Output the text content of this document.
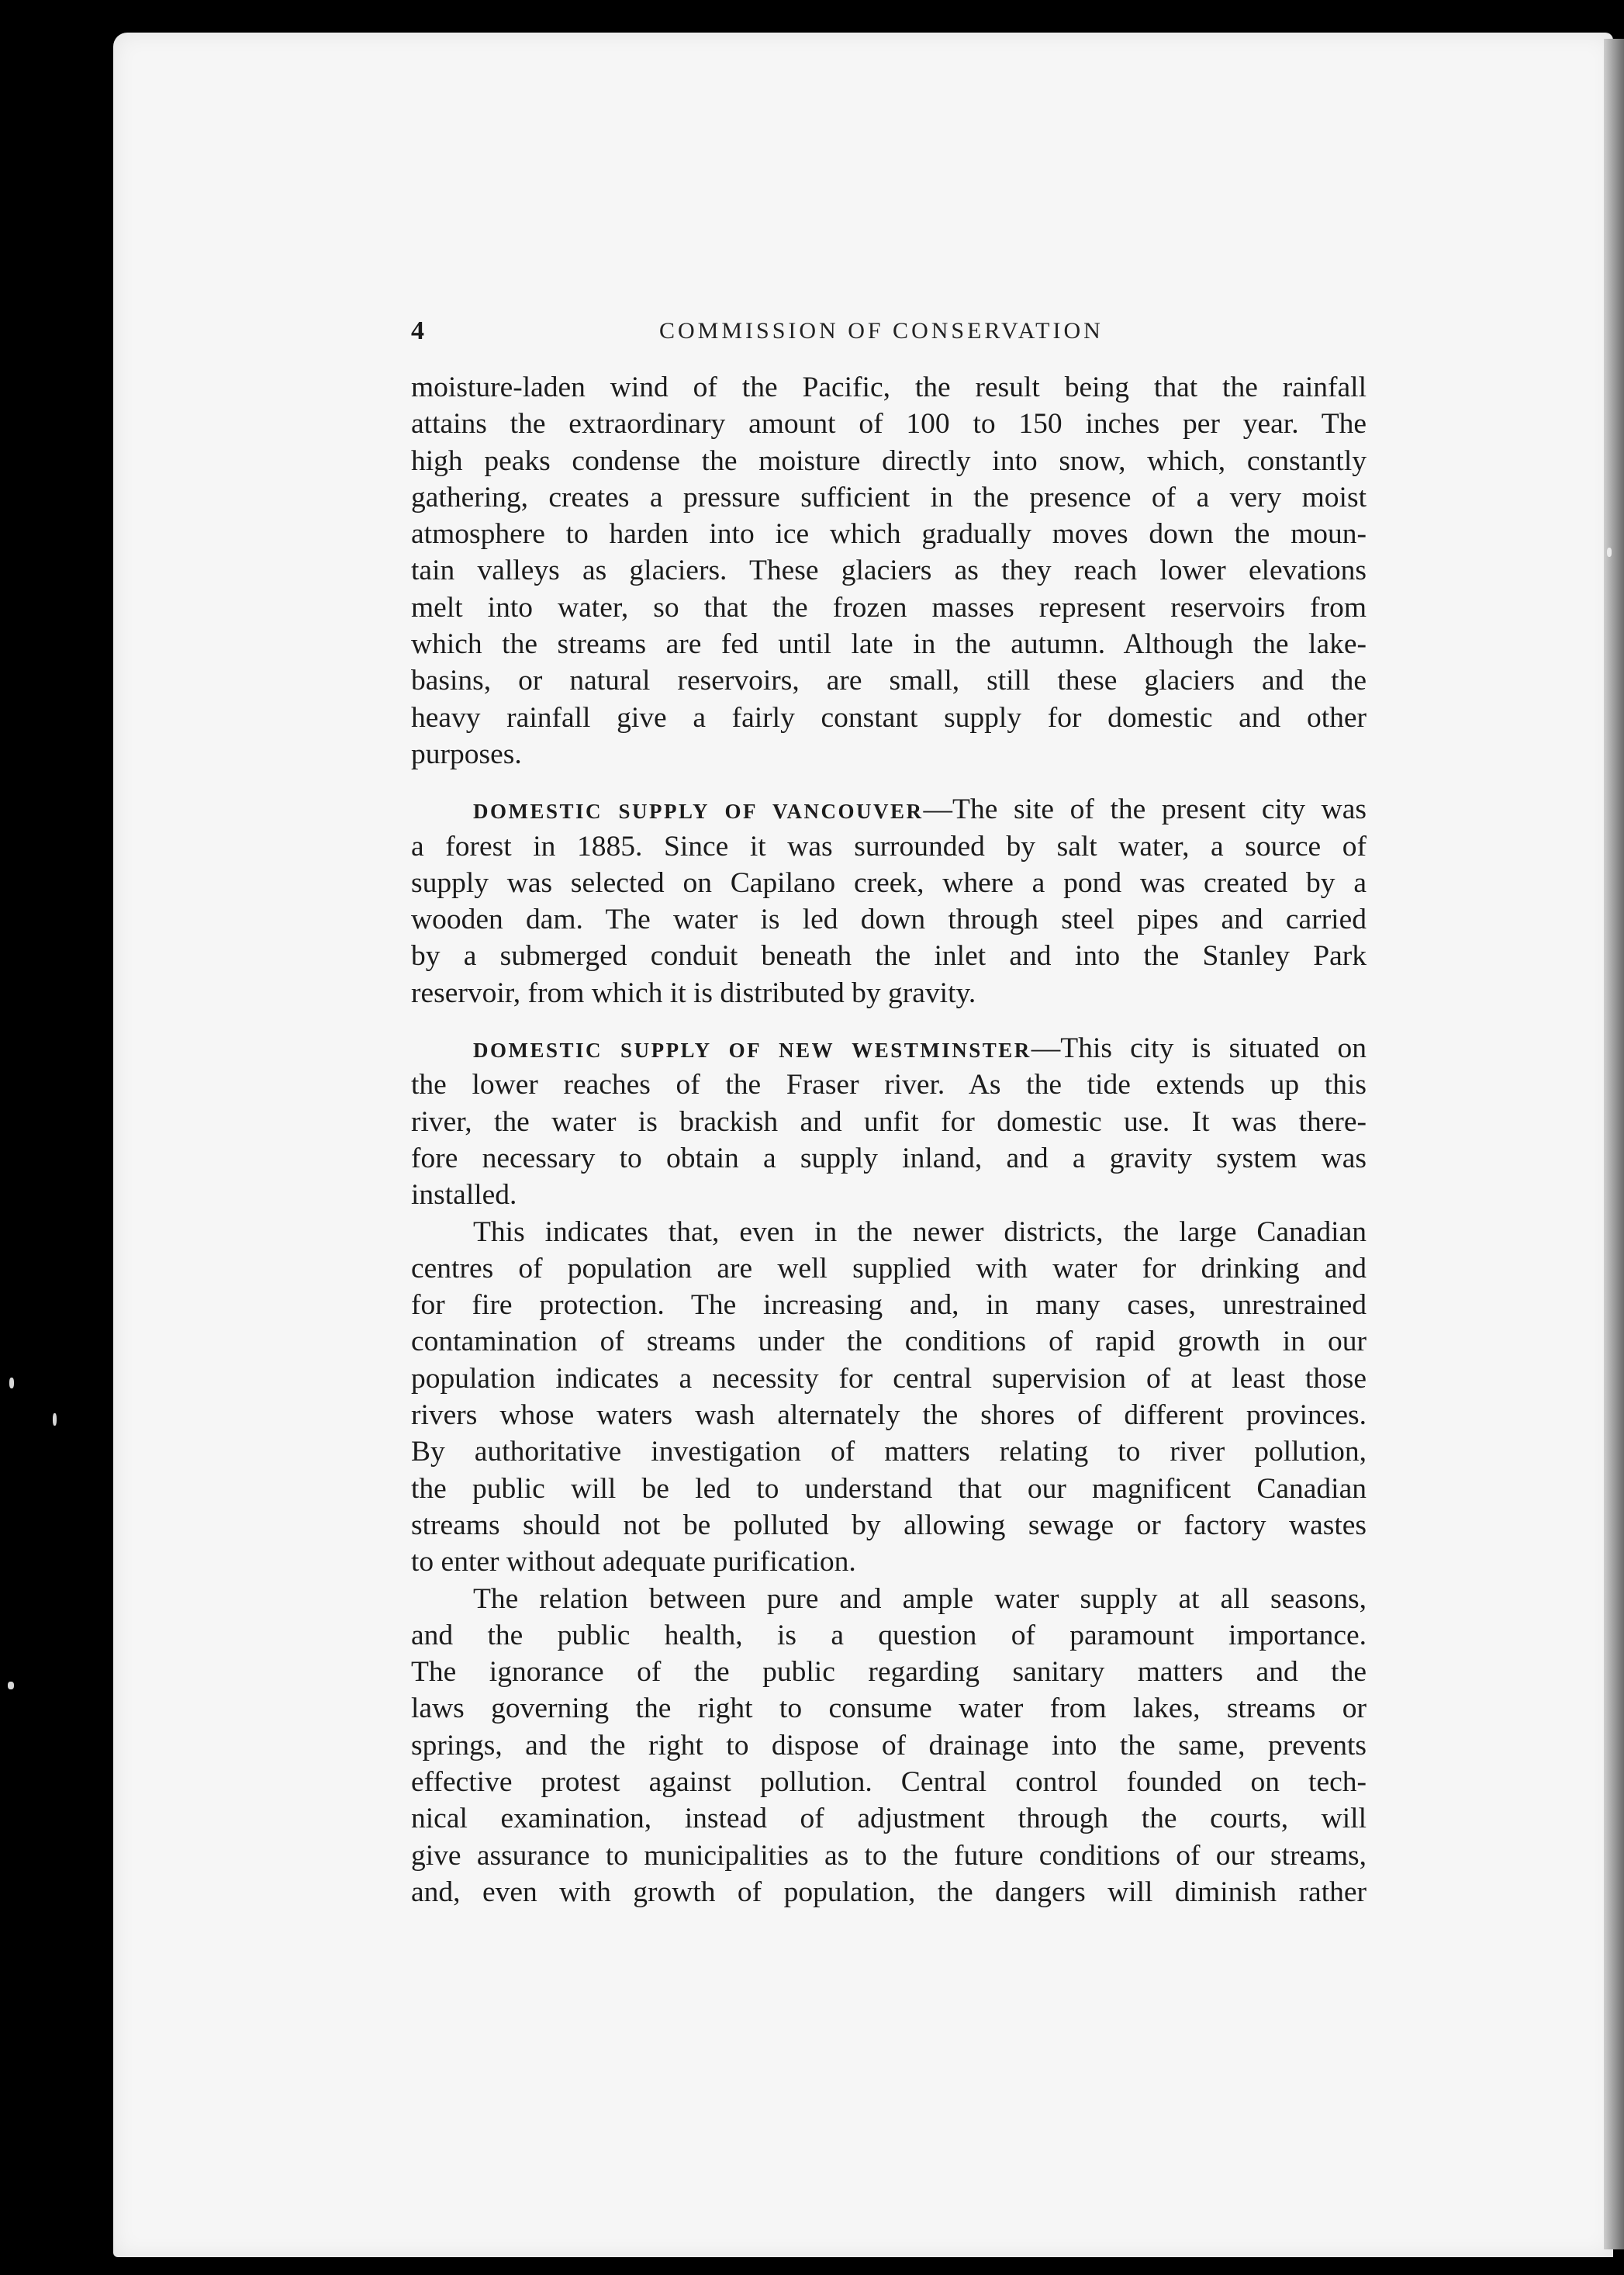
4	COMMISSION OF CONSERVATION
moisture-laden wind of the Pacific, the result being that the rainfall
attains the extraordinary amount of 100 to 150 inches per year. The
high peaks condense the moisture directly into snow, which, constantly
gathering, creates a pressure sufficient in the presence of a very moist
atmosphere to harden into ice which gradually moves down the moun-
tain valleys as glaciers. These glaciers as they reach lower elevations
melt into water, so that the frozen masses represent reservoirs from
which the streams are fed until late in the autumn. Although the lake-
basins, or natural reservoirs, are small, still these glaciers and the
heavy rainfall give a fairly constant supply for domestic and other
purposes.
DOMESTIC SUPPLY OF VANCOUVER—The site of the present city was
a forest in 1885. Since it was surrounded by salt water, a source of
supply was selected on Capilano creek, where a pond was created by a
wooden dam. The water is led down through steel pipes and carried
by a submerged conduit beneath the inlet and into the Stanley Park
reservoir, from which it is distributed by gravity.
DOMESTIC SUPPLY OF NEW WESTMINSTER—This city is situated on
the lower reaches of the Fraser river. As the tide extends up this
river, the water is brackish and unfit for domestic use. It was there-
fore necessary to obtain a supply inland, and a gravity system was
installed.
This indicates that, even in the newer districts, the large Canadian
centres of population are well supplied with water for drinking and
for fire protection. The increasing and, in many cases, unrestrained
contamination of streams under the conditions of rapid growth in our
population indicates a necessity for central supervision of at least those
rivers whose waters wash alternately the shores of different provinces.
By authoritative investigation of matters relating to river pollution,
the public will be led to understand that our magnificent Canadian
streams should not be polluted by allowing sewage or factory wastes
to enter without adequate purification.
The relation between pure and ample water supply at all seasons,
and the public health, is a question of paramount importance.
The ignorance of the public regarding sanitary matters and the
laws governing the right to consume water from lakes, streams or
springs, and the right to dispose of drainage into the same, prevents
effective protest against pollution. Central control founded on tech-
nical examination, instead of adjustment through the courts, will
give assurance to municipalities as to the future conditions of our streams,
and, even with growth of population, the dangers will diminish rather
